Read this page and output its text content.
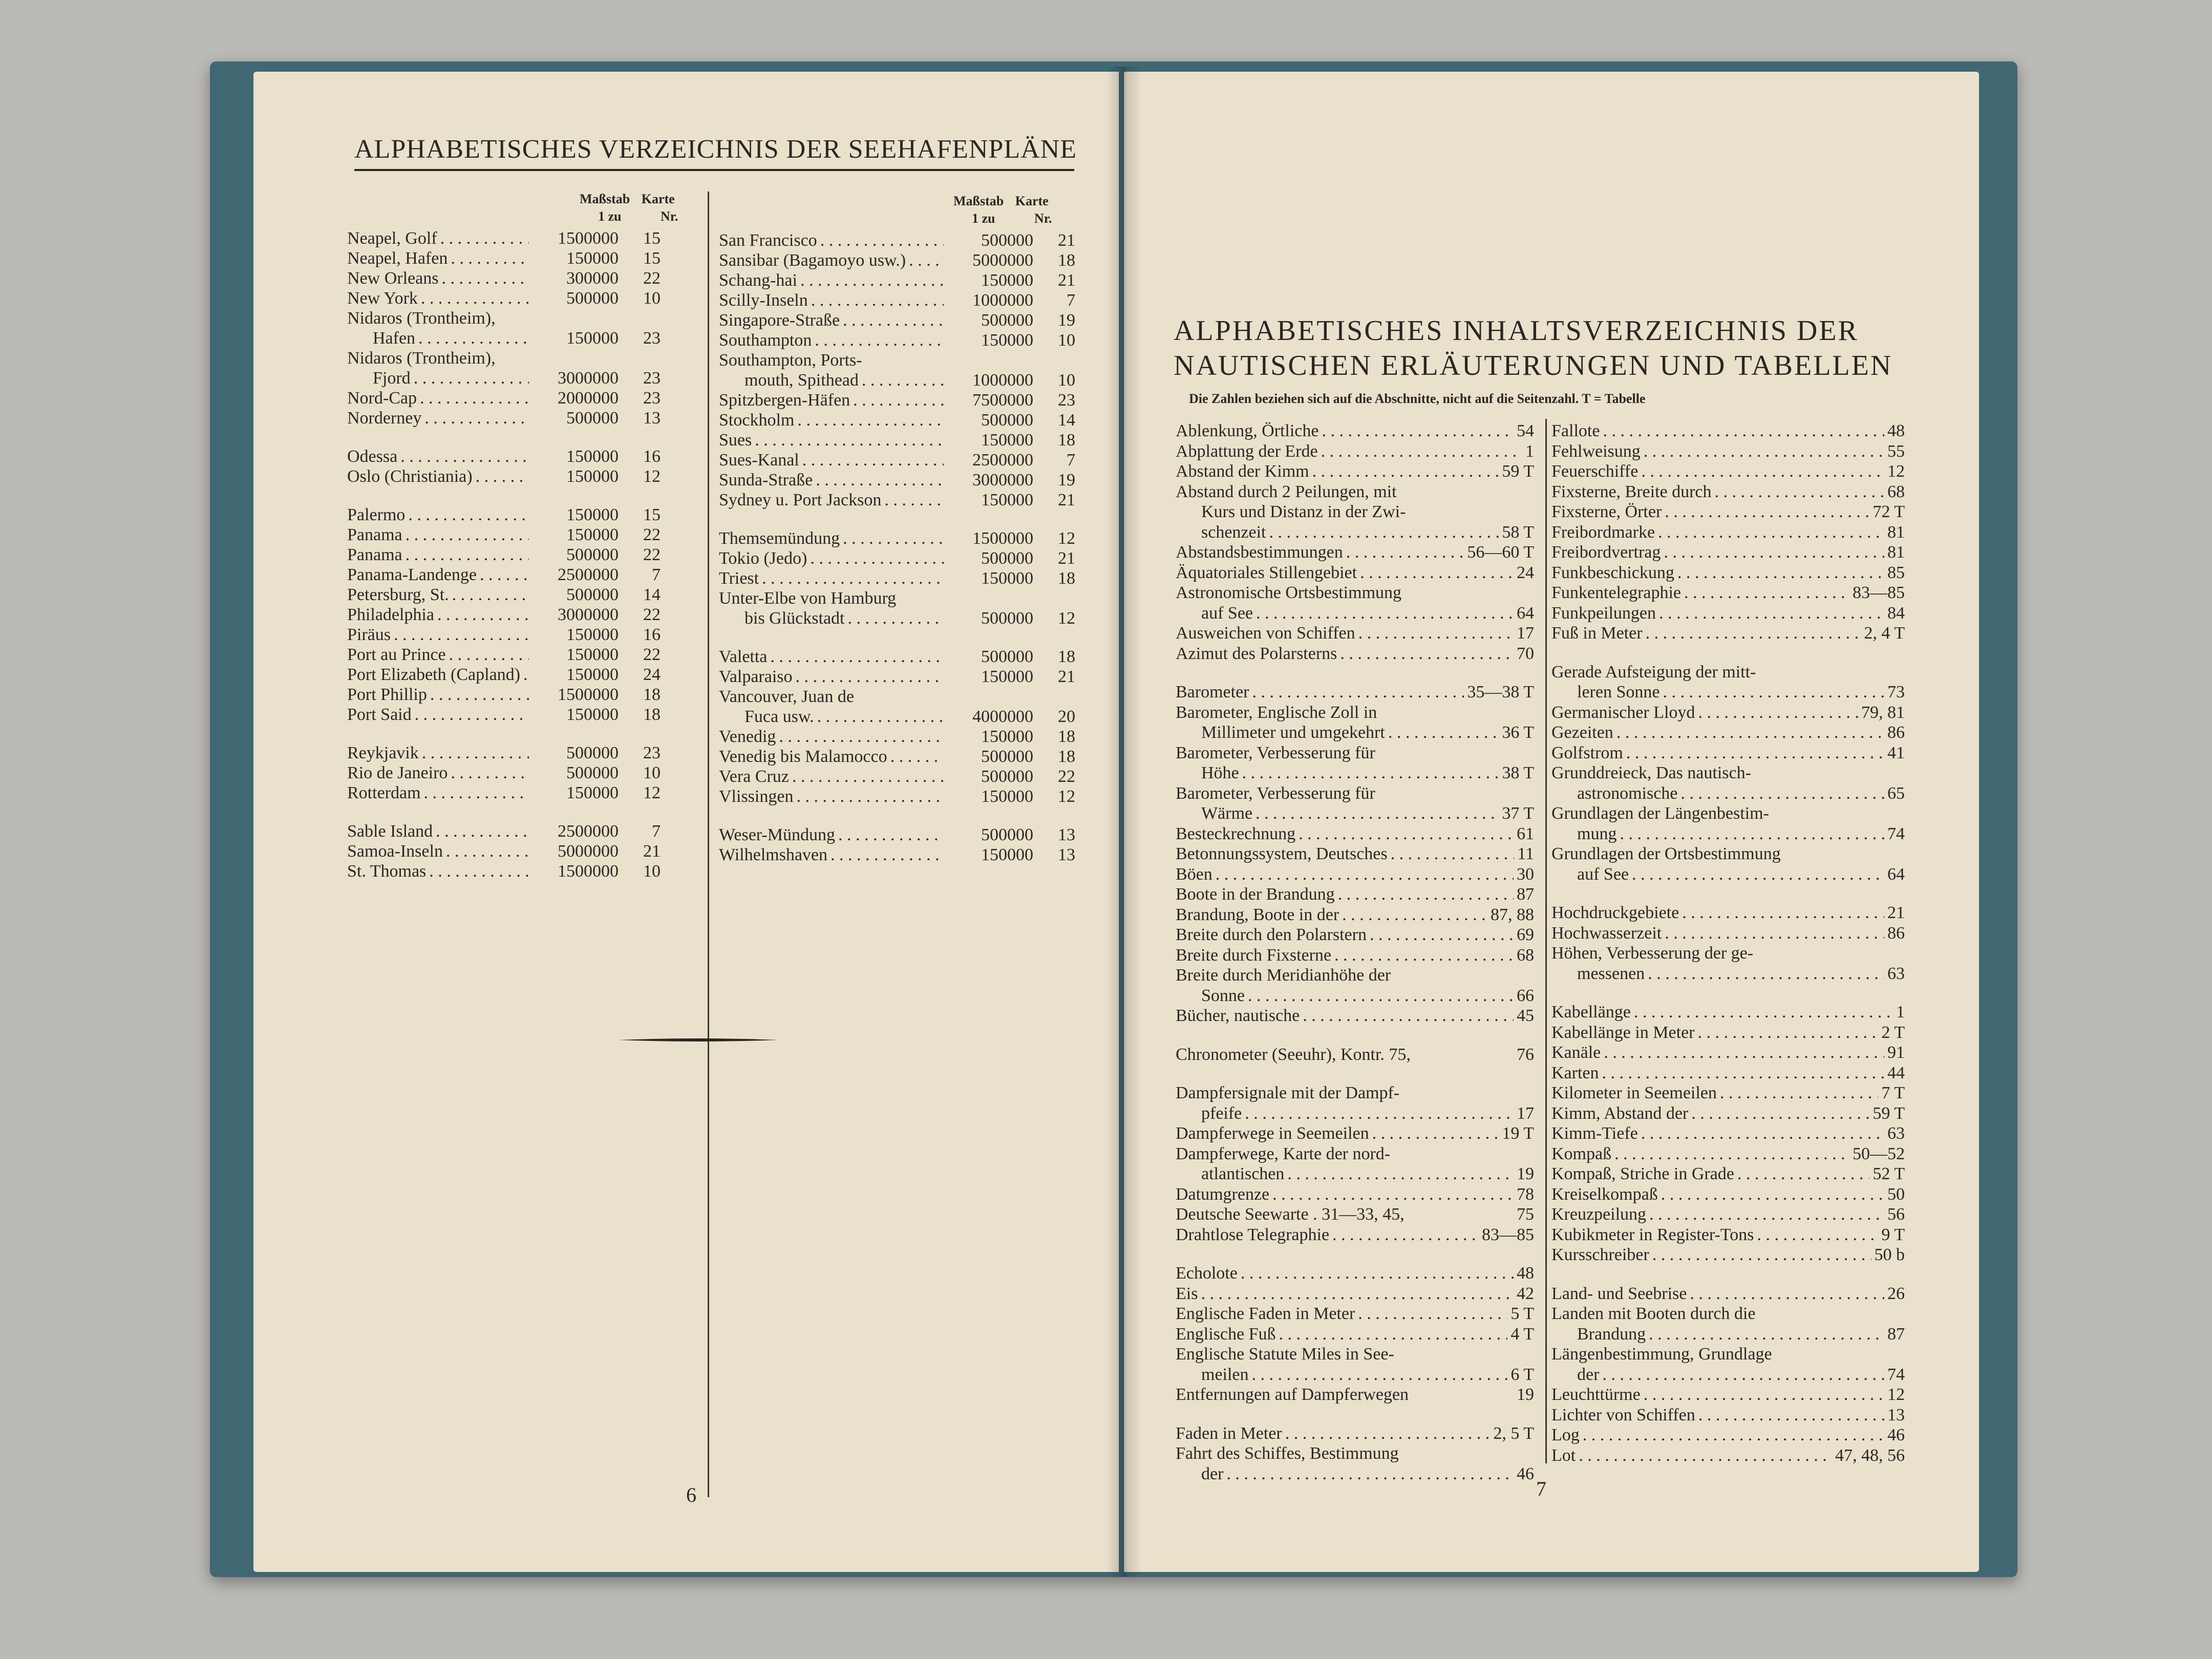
ALPHABETISCHES VERZEICHNIS DER SEEHAFENPLÄNE
Maßstab Karte
1 zu	Nr.
Maßstab Karte
1 zu	Nr.
Neapel, Golf . . .	1500000	15
Neapel, Hafen . . .	150000	15
New Orleans . . .	300000	22
New York . . .	500000	10
Nidaros (Trontheim),
Hafen . . .	150000	23
Nidaros (Trontheim),
Fjord . . .	3000000	23
Nord-Cap . . .	2000000	23
Norderney . . .	500000	13
Odessa . . .	150000	16
Oslo (Christiania) . . .	150000	12
Palermo . . .	150000	15
Panama . . .	150000	22
Panama . . .	500000	22
Panama-Landenge . . .	2500000	7
Petersburg, St. . . .	500000	14
Philadelphia . . .	3000000	22
Piräus . . .	150000	16
Port au Prince . . .	150000	22
Port Elizabeth (Capland) . . .	150000	24
Port Phillip . . .	1500000	18
Port Said . . .	150000	18
Reykjavik . . .	500000	23
Rio de Janeiro . . .	500000	10
Rotterdam . . .	150000	12
Sable Island . . .	2500000	7
Samoa-Inseln . . .	5000000	21
St. Thomas . . .	1500000	10
San Francisco . . .	500000	21
Sansibar (Bagamoyo usw.) . . .	5000000	18
Schang-hai . . .	150000	21
Scilly-Inseln . . .	1000000	7
Singapore-Straße . . .	500000	19
Southampton . . .	150000	10
Southampton, Ports-
mouth, Spithead . . .	1000000	10
Spitzbergen-Häfen . . .	7500000	23
Stockholm . . .	500000	14
Sues . . .	150000	18
Sues-Kanal . . .	2500000	7
Sunda-Straße . . .	3000000	19
Sydney u. Port Jackson . . .	150000	21
Themsemündung . . .	1500000	12
Tokio (Jedo) . . .	500000	21
Triest . . .	150000	18
Unter-Elbe von Hamburg
bis Glückstadt . . .	500000	12
Valetta . . .	500000	18
Valparaiso . . .	150000	21
Vancouver, Juan de
Fuca usw. . . .	4000000	20
Venedig . . .	150000	18
Venedig bis Malamocco . . .	500000	18
Vera Cruz . . .	500000	22
Vlissingen . . .	150000	12
Weser-Mündung . . .	500000	13
Wilhelmshaven . . .	150000	13
6
ALPHABETISCHES INHALTSVERZEICHNIS DER
NAUTISCHEN ERLÄUTERUNGEN UND TABELLEN
Die Zahlen beziehen sich auf die Abschnitte, nicht auf die Seitenzahl. T = Tabelle
Ablenkung, Örtliche . . .	54
Abplattung der Erde . . .	1
Abstand der Kimm . . .	59 T
Abstand durch 2 Peilungen, mit
Kurs und Distanz in der Zwi-
schenzeit . . .	58 T
Abstandsbestimmungen . . .	56—60 T
Äquatoriales Stillengebiet . . .	24
Astronomische Ortsbestimmung
auf See . . .	64
Ausweichen von Schiffen . . .	17
Azimut des Polarsterns . . .	70
Barometer . . .	35—38 T
Barometer, Englische Zoll in
Millimeter und umgekehrt . . .	36 T
Barometer, Verbesserung für
Höhe . . .	38 T
Barometer, Verbesserung für
Wärme . . .	37 T
Besteckrechnung . . .	61
Betonnungssystem, Deutsches . . .	11
Böen . . .	30
Boote in der Brandung . . .	87
Brandung, Boote in der . . .	87, 88
Breite durch den Polarstern . . .	69
Breite durch Fixsterne . . .	68
Breite durch Meridianhöhe der
Sonne . . .	66
Bücher, nautische . . .	45
Chronometer (Seeuhr), Kontr. 75,	76
Dampfersignale mit der Dampf-
pfeife . . .	17
Dampferwege in Seemeilen . . .	19 T
Dampferwege, Karte der nord-
atlantischen . . .	19
Datumgrenze . . .	78
Deutsche Seewarte . 31—33, 45,	75
Drahtlose Telegraphie . . .	83—85
Echolote . . .	48
Eis . . .	42
Englische Faden in Meter . . .	5 T
Englische Fuß . . .	4 T
Englische Statute Miles in See-
meilen . . .	6 T
Entfernungen auf Dampferwegen	19
Faden in Meter . . .	2, 5 T
Fahrt des Schiffes, Bestimmung
der . . .	46
Fallote . . .	48
Fehlweisung . . .	55
Feuerschiffe . . .	12
Fixsterne, Breite durch . . .	68
Fixsterne, Örter . . .	72 T
Freibordmarke . . .	81
Freibordvertrag . . .	81
Funkbeschickung . . .	85
Funkentelegraphie . . .	83—85
Funkpeilungen . . .	84
Fuß in Meter . . .	2, 4 T
Gerade Aufsteigung der mitt-
leren Sonne . . .	73
Germanischer Lloyd . . .	79, 81
Gezeiten . . .	86
Golfstrom . . .	41
Grunddreieck, Das nautisch-
astronomische . . .	65
Grundlagen der Längenbestim-
mung . . .	74
Grundlagen der Ortsbestimmung
auf See . . .	64
Hochdruckgebiete . . .	21
Hochwasserzeit . . .	86
Höhen, Verbesserung der ge-
messenen . . .	63
Kabellänge . . .	1
Kabellänge in Meter . . .	2 T
Kanäle . . .	91
Karten . . .	44
Kilometer in Seemeilen . . .	7 T
Kimm, Abstand der . . .	59 T
Kimm-Tiefe . . .	63
Kompaß . . .	50—52
Kompaß, Striche in Grade . . .	52 T
Kreiselkompaß . . .	50
Kreuzpeilung . . .	56
Kubikmeter in Register-Tons . . .	9 T
Kursschreiber . . .	50 b
Land- und Seebrise . . .	26
Landen mit Booten durch die
Brandung . . .	87
Längenbestimmung, Grundlage
der . . .	74
Leuchttürme . . .	12
Lichter von Schiffen . . .	13
Log . . .	46
Lot . . .	47, 48, 56
7
